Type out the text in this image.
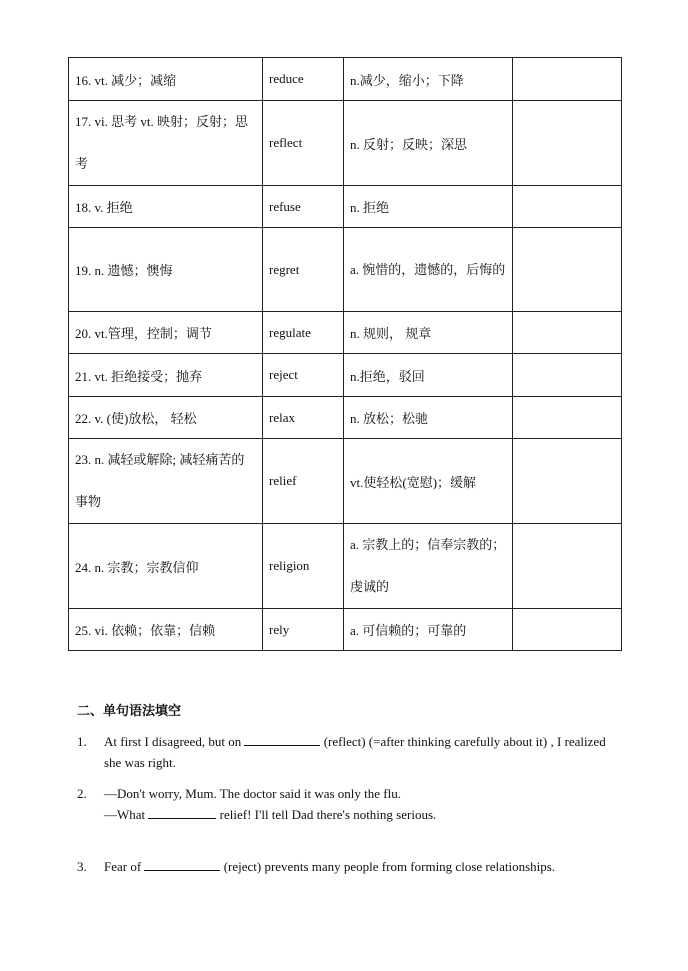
16. vt. 减少；减缩	reduce	n.减少，缩小；下降	

17. vi. 思考 vt. 映射；反射；思考	reflect	n. 反射；反映；深思	
18. v. 拒绝	refuse	n. 拒绝	
19. n. 遗憾；懊悔	regret	a. 惋惜的，遗憾的，后悔的	

20. vt.管理，控制；调节	regulate	n. 规则， 规章	
21. vt. 拒绝接受；抛弃	reject	n.拒绝，驳回	
22. v. (使)放松， 轻松	relax	n. 放松；松驰	

23. n. 减轻或解除; 减轻痛苦的事物	relief	vt.使轻松(宽慰)；缓解	
24. n. 宗教；宗教信仰	religion	a. 宗教上的；信奉宗教的；虔诚的	

25. vi. 依赖；依靠；信赖	rely	a. 可信赖的；可靠的	
二、单句语法填空
1. At first I disagreed, but on	(reflect) (=after thinking carefully about it) , I realized she was right.
2. —Don't worry, Mum. The doctor said it was only the flu.
—What	relief! I'll tell Dad there's nothing serious.
3. Fear of	(reject) prevents many people from forming close relationships.
